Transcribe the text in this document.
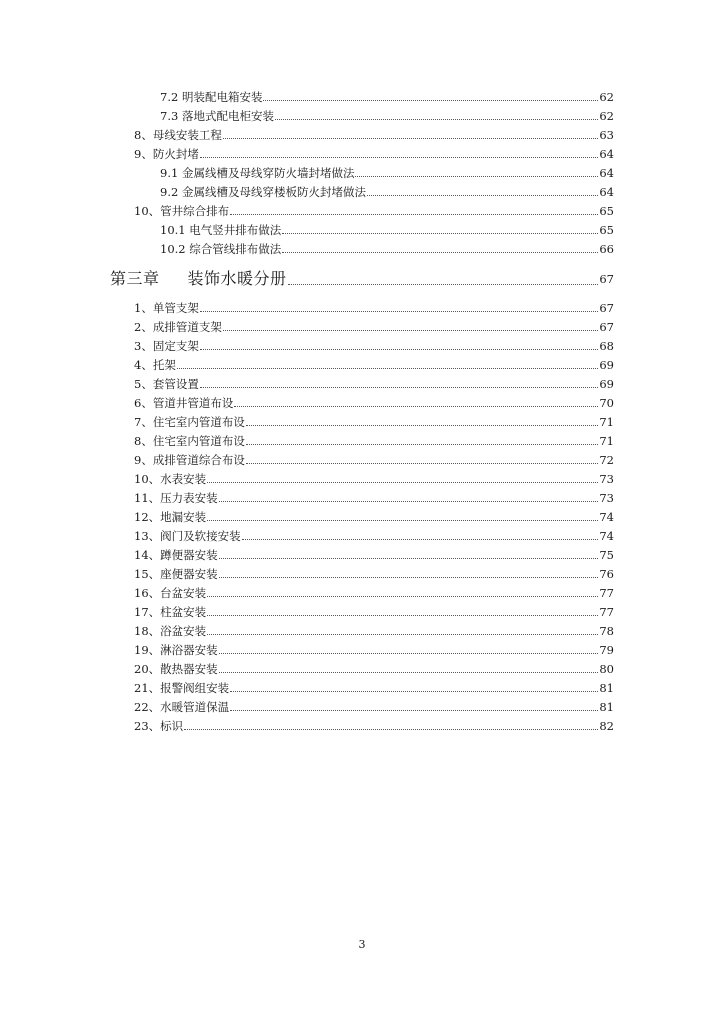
7.2 明装配电箱安装	62
7.3 落地式配电柜安装	62
8、母线安装工程	63
9、防火封堵	64
9.1 金属线槽及母线穿防火墙封堵做法	64
9.2 金属线槽及母线穿楼板防火封堵做法	64
10、管井综合排布	65
10.1 电气竖井排布做法	65
10.2 综合管线排布做法	66
第三章 装饰水暖分册	67
1、单管支架	67
2、成排管道支架	67
3、固定支架	68
4、托架	69
5、套管设置	69
6、管道井管道布设	70
7、住宅室内管道布设	71
8、住宅室内管道布设	71
9、成排管道综合布设	72
10、水表安装	73
11、压力表安装	73
12、地漏安装	74
13、阀门及软接安装	74
14、蹲便器安装	75
15、座便器安装	76
16、台盆安装	77
17、柱盆安装	77
18、浴盆安装	78
19、淋浴器安装	79
20、散热器安装	80
21、报警阀组安装	81
22、水暖管道保温	81
23、标识	82
3
